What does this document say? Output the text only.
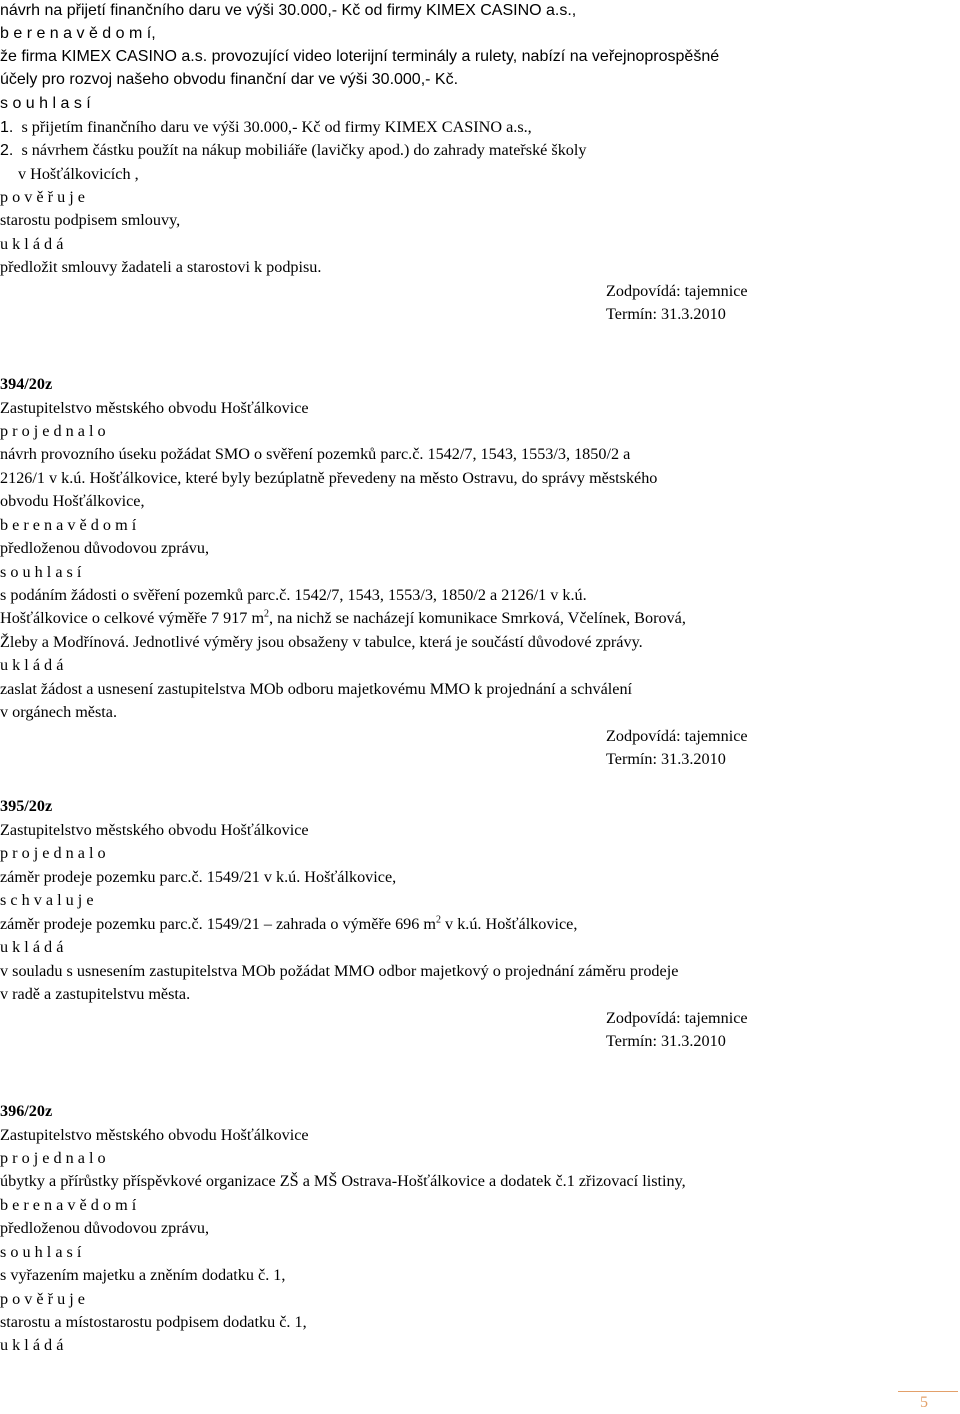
návrh na přijetí finančního daru ve výši 30.000,- Kč od firmy KIMEX CASINO a.s.,
b e r e n a v ě d o m í,
že firma KIMEX CASINO a.s. provozující video loterijní terminály a rulety, nabízí na veřejnoprospěšné
účely pro rozvoj našeho obvodu finanční dar ve výši 30.000,- Kč.
s o u h l a s í
1. s přijetím finančního daru ve výši 30.000,- Kč od firmy KIMEX CASINO a.s.,
2. s návrhem částku použít na nákup mobiliáře (lavičky apod.) do zahrady mateřské školy
v Hošťálkovicích ,
p o v ě ř u j e
starostu podpisem smlouvy,
u k l á d á
předložit smlouvy žadateli a starostovi k podpisu.
Zodpovídá: tajemnice
Termín: 31.3.2010
394/20z
Zastupitelstvo městského obvodu Hošťálkovice
p r o j e d n a l o
návrh provozního úseku požádat SMO o svěření pozemků parc.č. 1542/7, 1543, 1553/3, 1850/2 a
2126/1 v k.ú. Hošťálkovice, které byly bezúplatně převedeny na město Ostravu, do správy městského
obvodu Hošťálkovice,
b e r e n a v ě d o m í
předloženou důvodovou zprávu,
s o u h l a s í
s podáním žádosti o svěření pozemků parc.č. 1542/7, 1543, 1553/3, 1850/2 a 2126/1 v k.ú.
Hošťálkovice o celkové výměře 7 917 $m^2$, na nichž se nacházejí komunikace Smrková, Včelínek, Borová,
Žleby a Modřínová. Jednotlivé výměry jsou obsaženy v tabulce, která je součástí důvodové zprávy.
u k l á d á
zaslat žádost a usnesení zastupitelstva MOb odboru majetkovému MMO k projednání a schválení
v orgánech města.
Zodpovídá: tajemnice
Termín: 31.3.2010
395/20z
Zastupitelstvo městského obvodu Hošťálkovice
p r o j e d n a l o
záměr prodeje pozemku parc.č. 1549/21 v k.ú. Hošťálkovice,
s c h v a l u j e
záměr prodeje pozemku parc.č. 1549/21 – zahrada o výměře 696 $m^2$ v k.ú. Hošťálkovice,
u k l á d á
v souladu s usnesením zastupitelstva MOb požádat MMO odbor majetkový o projednání záměru prodeje
v radě a zastupitelstvu města.
Zodpovídá: tajemnice
Termín: 31.3.2010
396/20z
Zastupitelstvo městského obvodu Hošťálkovice
p r o j e d n a l o
úbytky a přírůstky příspěvkové organizace ZŠ a MŠ Ostrava-Hošťálkovice a dodatek č.1 zřizovací listiny,
b e r e n a v ě d o m í
předloženou důvodovou zprávu,
s o u h l a s í
s vyřazením majetku a zněním dodatku č. 1,
p o v ě ř u j e
starostu a místostarostu podpisem dodatku č. 1,
u k l á d á
5
